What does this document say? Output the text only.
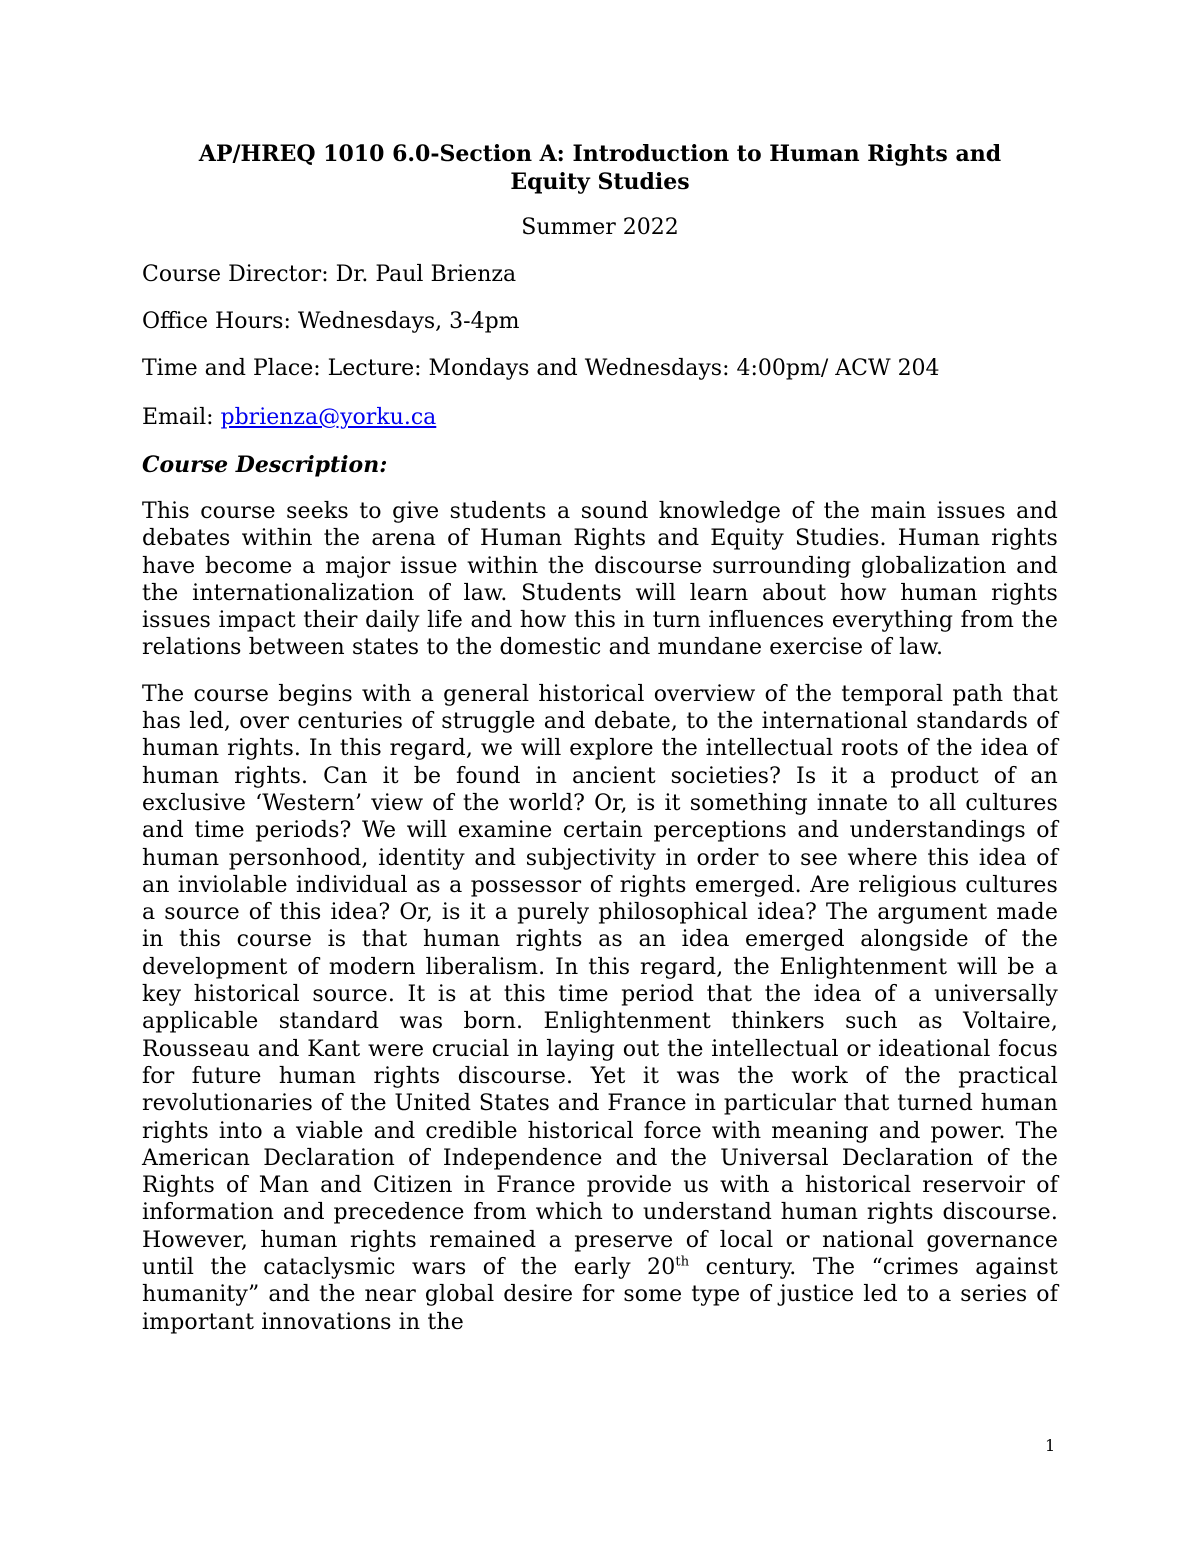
AP/HREQ 1010 6.0-Section A: Introduction to Human Rights and
Equity Studies

Summer 2022

Course Director: Dr. Paul Brienza

Office Hours: Wednesdays, 3-4pm

Time and Place: Lecture: Mondays and Wednesdays: 4:00pm/ ACW 204

Email: pbrienza@yorku.ca

Course Description:

This course seeks to give students a sound knowledge of the main issues and debates within the arena of Human Rights and Equity Studies. Human rights have become a major issue within the discourse surrounding globalization and the internationalization of law. Students will learn about how human rights issues impact their daily life and how this in turn influences everything from the relations between states to the domestic and mundane exercise of law.

The course begins with a general historical overview of the temporal path that has led, over centuries of struggle and debate, to the international standards of human rights. In this regard, we will explore the intellectual roots of the idea of human rights. Can it be found in ancient societies? Is it a product of an exclusive ‘Western’ view of the world? Or, is it something innate to all cultures and time periods? We will examine certain perceptions and understandings of human personhood, identity and subjectivity in order to see where this idea of an inviolable individual as a possessor of rights emerged. Are religious cultures a source of this idea? Or, is it a purely philosophical idea? The argument made in this course is that human rights as an idea emerged alongside of the development of modern liberalism. In this regard, the Enlightenment will be a key historical source. It is at this time period that the idea of a universally applicable standard was born. Enlightenment thinkers such as Voltaire, Rousseau and Kant were crucial in laying out the intellectual or ideational focus for future human rights discourse. Yet it was the work of the practical revolutionaries of the United States and France in particular that turned human rights into a viable and credible historical force with meaning and power. The American Declaration of Independence and the Universal Declaration of the Rights of Man and Citizen in France provide us with a historical reservoir of information and precedence from which to understand human rights discourse. However, human rights remained a preserve of local or national governance until the cataclysmic wars of the early 20th century. The “crimes against humanity” and the near global desire for some type of justice led to a series of important innovations in the

1
